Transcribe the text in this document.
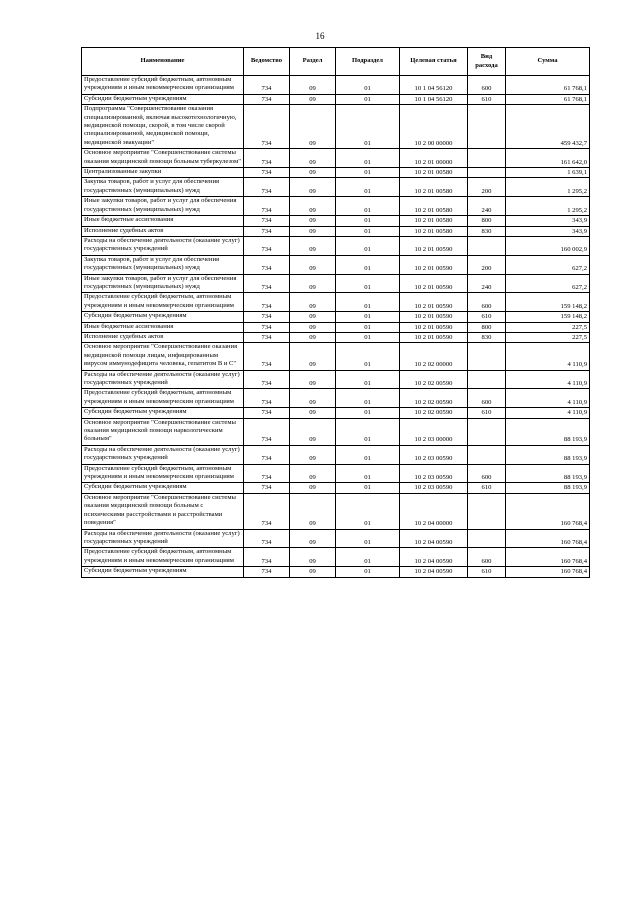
16
Наименование	Ведомство	Раздел	Подраздел	Целевая статья	Вид расхода	Сумма
Предоставление субсидий бюджетным, автономным учреждениям и иным некоммерческим организациям	734	09	01	10 1 04 56120	600	61 768,1
Субсидии бюджетным учреждениям	734	09	01	10 1 04 56120	610	61 768,1
Подпрограмма "Совершенствование оказания специализированной, включая высокотехнологичную, медицинской помощи, скорой, в том числе скорой специализированной, медицинской помощи, медицинской эвакуации"	734	09	01	10 2 00 00000		459 432,7
Основное мероприятие "Совершенствование системы оказания медицинской помощи больным туберкулезом"	734	09	01	10 2 01 00000		161 642,0
Централизованные закупки	734	09	01	10 2 01 00580		1 639,1
Закупка товаров, работ и услуг для обеспечения государственных (муниципальных) нужд	734	09	01	10 2 01 00580	200	1 295,2
Иные закупки товаров, работ и услуг для обеспечения государственных (муниципальных) нужд	734	09	01	10 2 01 00580	240	1 295,2
Иные бюджетные ассигнования	734	09	01	10 2 01 00580	800	343,9
Исполнение судебных актов	734	09	01	10 2 01 00580	830	343,9
Расходы на обеспечение деятельности (оказание услуг) государственных учреждений	734	09	01	10 2 01 00590		160 002,9
Закупка товаров, работ и услуг для обеспечения государственных (муниципальных) нужд	734	09	01	10 2 01 00590	200	627,2
Иные закупки товаров, работ и услуг для обеспечения государственных (муниципальных) нужд	734	09	01	10 2 01 00590	240	627,2
Предоставление субсидий бюджетным, автономным учреждениям и иным некоммерческим организациям	734	09	01	10 2 01 00590	600	159 148,2
Субсидии бюджетным учреждениям	734	09	01	10 2 01 00590	610	159 148,2
Иные бюджетные ассигнования	734	09	01	10 2 01 00590	800	227,5
Исполнение судебных актов	734	09	01	10 2 01 00590	830	227,5
Основное мероприятие "Совершенствование оказания медицинской помощи лицам, инфицированным вирусом иммунодефицита человека, гепатитом B и C"	734	09	01	10 2 02 00000		4 110,9
Расходы на обеспечение деятельности (оказание услуг) государственных учреждений	734	09	01	10 2 02 00590		4 110,9
Предоставление субсидий бюджетным, автономным учреждениям и иным некоммерческим организациям	734	09	01	10 2 02 00590	600	4 110,9
Субсидии бюджетным учреждениям	734	09	01	10 2 02 00590	610	4 110,9
Основное мероприятие "Совершенствование системы оказания медицинской помощи наркологическим больным"	734	09	01	10 2 03 00000		88 193,9
Расходы на обеспечение деятельности (оказание услуг) государственных учреждений	734	09	01	10 2 03 00590		88 193,9
Предоставление субсидий бюджетным, автономным учреждениям и иным некоммерческим организациям	734	09	01	10 2 03 00590	600	88 193,9
Субсидии бюджетным учреждениям	734	09	01	10 2 03 00590	610	88 193,9
Основное мероприятие "Совершенствование системы оказания медицинской помощи больным с психическими расстройствами и расстройствами поведения"	734	09	01	10 2 04 00000		160 768,4
Расходы на обеспечение деятельности (оказание услуг) государственных учреждений	734	09	01	10 2 04 00590		160 768,4
Предоставление субсидий бюджетным, автономным учреждениям и иным некоммерческим организациям	734	09	01	10 2 04 00590	600	160 768,4
Субсидии бюджетным учреждениям	734	09	01	10 2 04 00590	610	160 768,4
